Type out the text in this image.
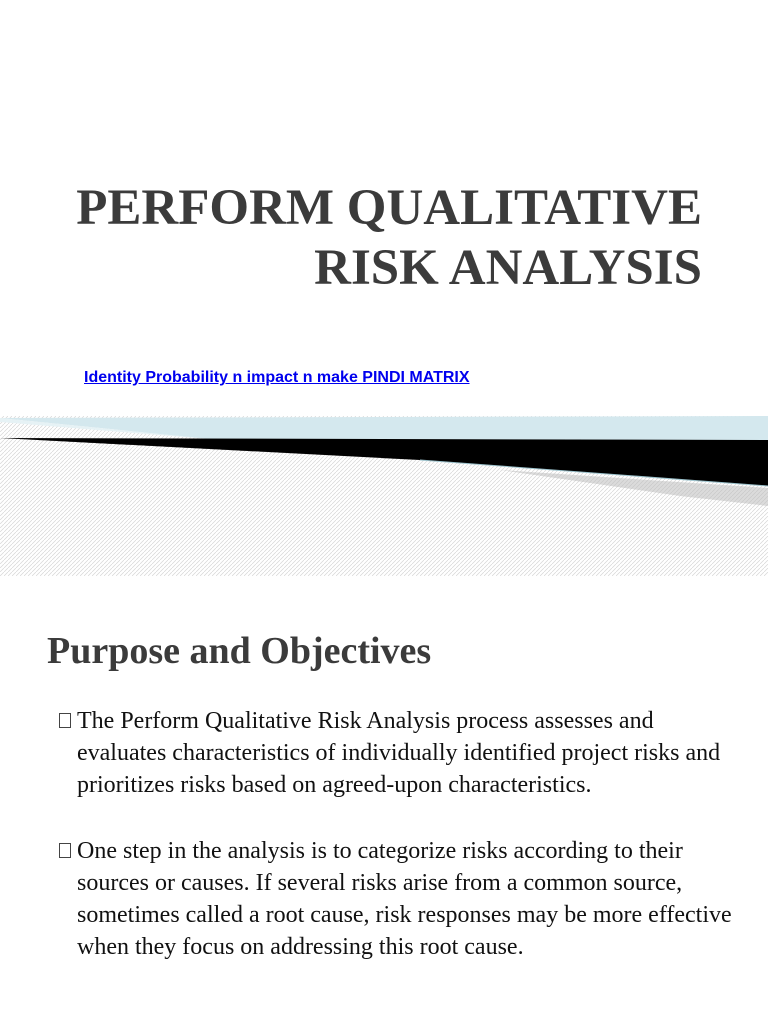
PERFORM QUALITATIVE
RISK ANALYSIS
Identity Probability n impact n make PINDI MATRIX
Purpose and Objectives
The Perform Qualitative Risk Analysis process assesses and evaluates characteristics of individually identified project risks and prioritizes risks based on agreed-upon characteristics.
One step in the analysis is to categorize risks according to their sources or causes. If several risks arise from a common source, sometimes called a root cause, risk responses may be more effective when they focus on addressing this root cause.
